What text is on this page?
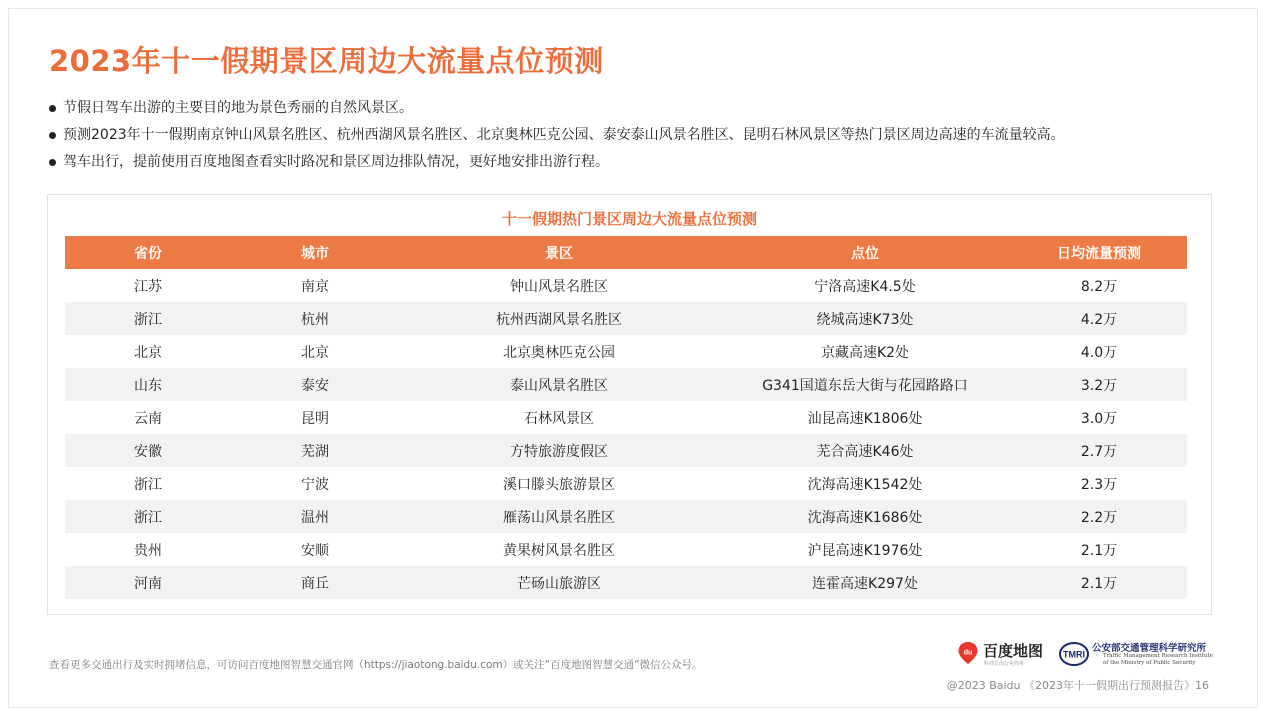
2023年十一假期景区周边大流量点位预测
节假日驾车出游的主要目的地为景色秀丽的自然风景区。
预测2023年十一假期南京钟山风景名胜区、杭州西湖风景名胜区、北京奥林匹克公园、泰安泰山风景名胜区、昆明石林风景区等热门景区周边高速的车流量较高。
驾车出行，提前使用百度地图查看实时路况和景区周边排队情况，更好地安排出游行程。
十一假期热门景区周边大流量点位预测
省份	城市	景区	点位	日均流量预测
江苏	南京	钟山风景名胜区	宁洛高速K4.5处	8.2万
浙江	杭州	杭州西湖风景名胜区	绕城高速K73处	4.2万
北京	北京	北京奥林匹克公园	京藏高速K2处	4.0万
山东	泰安	泰山风景名胜区	G341国道东岳大街与花园路路口	3.2万
云南	昆明	石林风景区	汕昆高速K1806处	3.0万
安徽	芜湖	方特旅游度假区	芜合高速K46处	2.7万
浙江	宁波	溪口滕头旅游景区	沈海高速K1542处	2.3万
浙江	温州	雁荡山风景名胜区	沈海高速K1686处	2.2万
贵州	安顺	黄果树风景名胜区	沪昆高速K1976处	2.1万
河南	商丘	芒砀山旅游区	连霍高速K297处	2.1万
du 百度地图
科技让出行更简单
TMRI
公安部交通管理科学研究所
Traffic Management Research Institute
of the Ministry of Public Security
查看更多交通出行及实时拥堵信息，可访问百度地图智慧交通官网（https://jiaotong.baidu.com）或关注“百度地图智慧交通”微信公众号。
@2023 Baidu 《2023年十一假期出行预测报告》16
